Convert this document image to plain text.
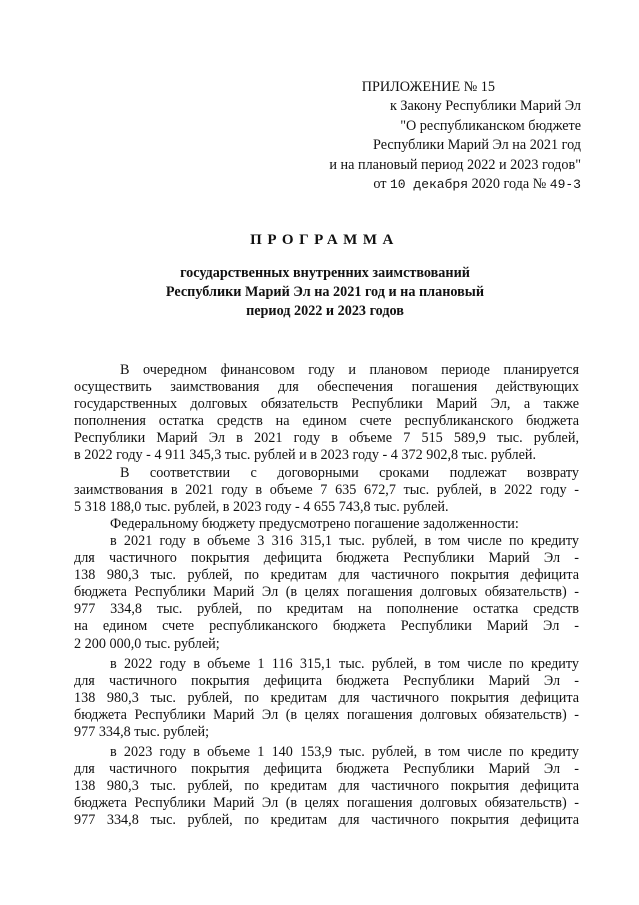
ПРИЛОЖЕНИЕ № 15
к Закону Республики Марий Эл
"О республиканском бюджете
Республики Марий Эл на 2021 год
и на плановый период 2022 и 2023 годов"
от 10 декабря 2020 года № 49-3
ПРОГРАММА
государственных внутренних заимствований
Республики Марий Эл на 2021 год и на плановый
период 2022 и 2023 годов

В очередном финансовом году и плановом периоде планируется

осуществить заимствования для обеспечения погашения действующих

государственных долговых обязательств Республики Марий Эл, а также

пополнения остатка средств на едином счете республиканского бюджета

Республики Марий Эл в 2021 году в объеме 7 515 589,9 тыс. рублей,

в 2022 году - 4 911 345,3 тыс. рублей и в 2023 году - 4 372 902,8 тыс. рублей.

В соответствии с договорными сроками подлежат возврату

заимствования в 2021 году в объеме 7 635 672,7 тыс. рублей, в 2022 году -

5 318 188,0 тыс. рублей, в 2023 году - 4 655 743,8 тыс. рублей.

Федеральному бюджету предусмотрено погашение задолженности:

в 2021 году в объеме 3 316 315,1 тыс. рублей, в том числе по кредиту

для частичного покрытия дефицита бюджета Республики Марий Эл -

138 980,3 тыс. рублей, по кредитам для частичного покрытия дефицита

бюджета Республики Марий Эл (в целях погашения долговых обязательств) -

977 334,8 тыс. рублей, по кредитам на пополнение остатка средств

на едином счете республиканского бюджета Республики Марий Эл -

2 200 000,0 тыс. рублей;

в 2022 году в объеме 1 116 315,1 тыс. рублей, в том числе по кредиту

для частичного покрытия дефицита бюджета Республики Марий Эл -

138 980,3 тыс. рублей, по кредитам для частичного покрытия дефицита

бюджета Республики Марий Эл (в целях погашения долговых обязательств) -

977 334,8 тыс. рублей;

в 2023 году в объеме 1 140 153,9 тыс. рублей, в том числе по кредиту

для частичного покрытия дефицита бюджета Республики Марий Эл -

138 980,3 тыс. рублей, по кредитам для частичного покрытия дефицита

бюджета Республики Марий Эл (в целях погашения долговых обязательств) -

977 334,8 тыс. рублей, по кредитам для частичного покрытия дефицита
